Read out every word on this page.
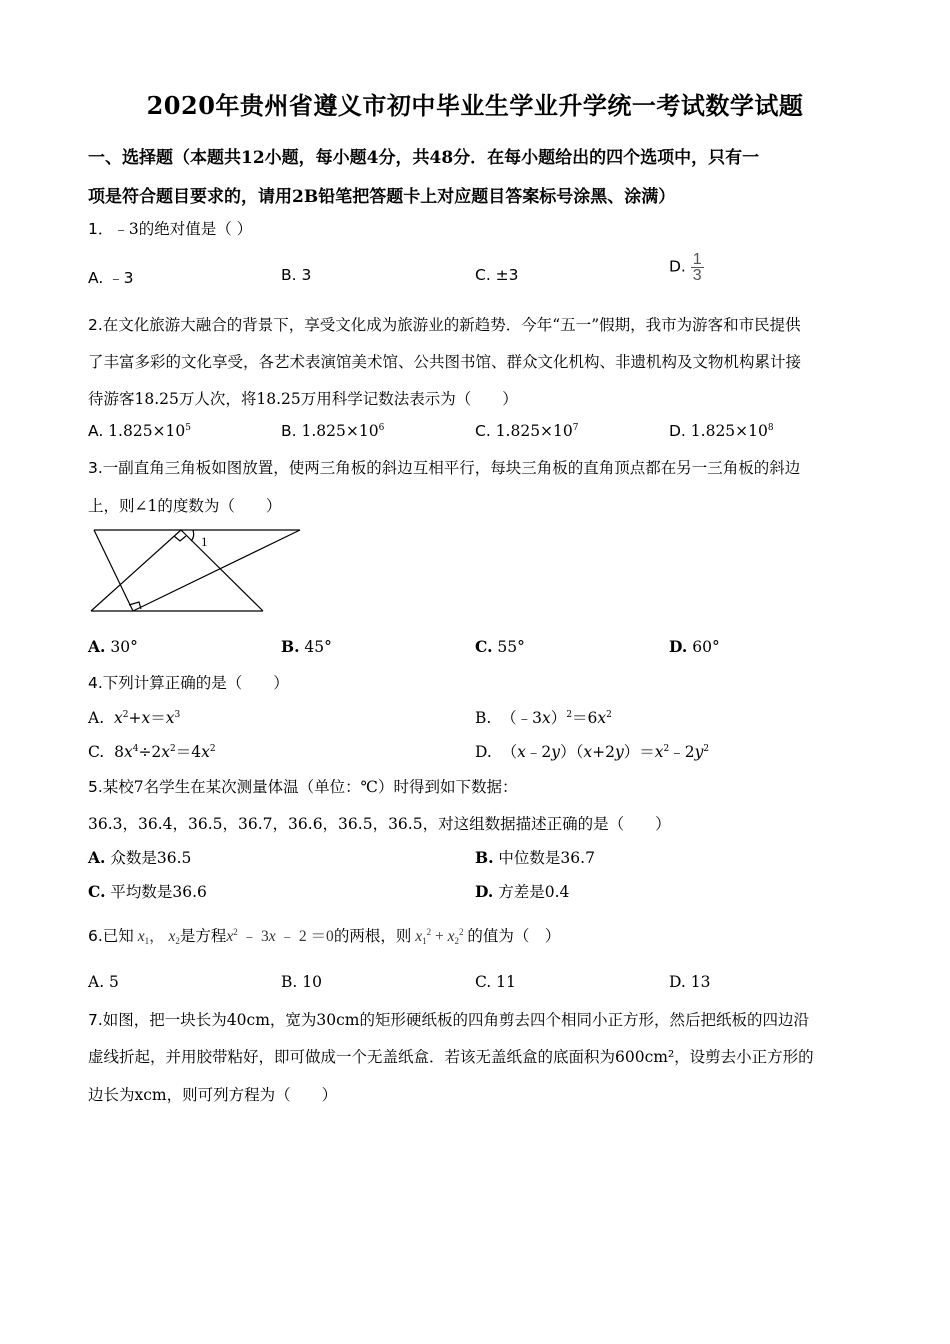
2020年贵州省遵义市初中毕业生学业升学统一考试数学试题
一、选择题（本题共12小题，每小题4分，共48分．在每小题给出的四个选项中，只有一
项是符合题目要求的，请用2B铅笔把答题卡上对应题目答案标号涂黑、涂满）
1．﹣3的绝对值是（ ）
A. ﹣3	B. 3	C. ±3	D. $\frac{1}{3}$
2.在文化旅游大融合的背景下，享受文化成为旅游业的新趋势．今年“五一”假期，我市为游客和市民提供
了丰富多彩的文化享受，各艺术表演馆美术馆、公共图书馆、群众文化机构、非遗机构及文物机构累计接
待游客18.25万人次，将18.25万用科学记数法表示为（　　）
A. $1.825\times 10^5$	B. $1.825\times 10^6$	C. $1.825\times 10^7$	D. $1.825\times 10^8$
3.一副直角三角板如图放置，使两三角板的斜边互相平行，每块三角板的直角顶点都在另一三角板的斜边
上，则∠1的度数为（　　）
1
A. 30°	B. 45°	C. 55°	D. 60°
4.下列计算正确的是（　　）
A. $x^2+x=x^3$	B.  $(﹣3x)^2=6x^2$
C.  $8x^4\div 2x^2=4x^2$	D.  $(x﹣2y)(x+2y)=x^2﹣2y^2$
5.某校7名学生在某次测量体温（单位：℃）时得到如下数据：
36.3，36.4，36.5，36.7，36.6，36.5，36.5，对这组数据描述正确的是（　　）
A. 众数是36.5	B. 中位数是36.7
C. 平均数是36.6	D. 方差是0.4
6.已知 $x_1$， $x_2$是方程$x^2$ ﹣ 3x ﹣ 2 ＝0的两根，则 $x_1^2 + x_2^2$ 的值为（　）
A. 5	B. 10	C. 11	D. 13
7.如图，把一块长为40cm，宽为30cm的矩形硬纸板的四角剪去四个相同小正方形，然后把纸板的四边沿
虚线折起，并用胶带粘好，即可做成一个无盖纸盒．若该无盖纸盒的底面积为600cm²，设剪去小正方形的
边长为xcm，则可列方程为（　　）
